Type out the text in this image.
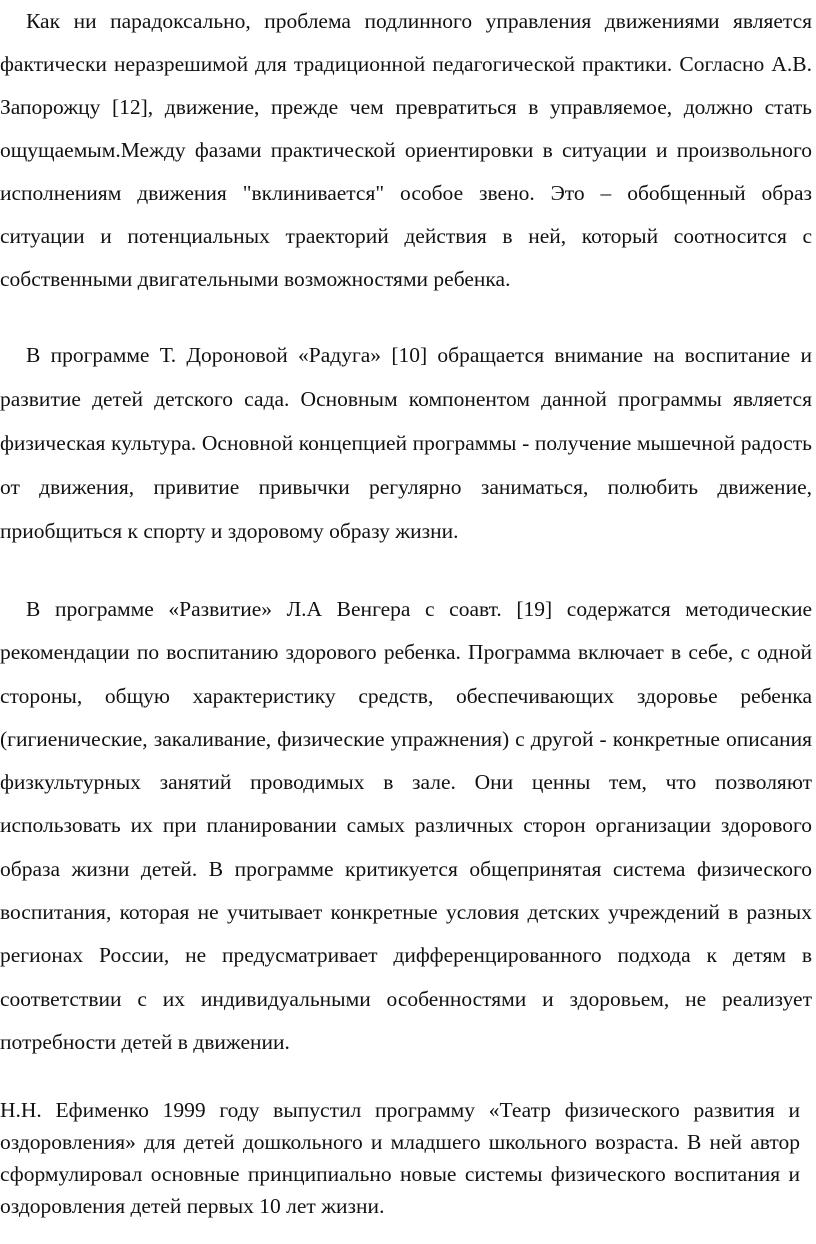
Как ни парадоксально, проблема подлинного управления движениями является фактически неразрешимой для традиционной педагогической практики. Согласно А.В. Запорожцу [12], движение, прежде чем превратиться в управляемое, должно стать ощущаемым.Между фазами практической ориентировки в ситуации и произвольного исполнениям движения "вклинивается" особое звено. Это – обобщенный образ ситуации и потенциальных траекторий действия в ней, который соотносится с собственными двигательными возможностями ребенка.

В программе Т. Дороновой «Радуга» [10] обращается внимание на воспитание и развитие детей детского сада. Основным компонентом данной программы является физическая культура. Основной концепцией программы - получение мышечной радость от движения, привитие привычки регулярно заниматься, полюбить движение, приобщиться к спорту и здоровому образу жизни.

В программе «Развитие» Л.А Венгера с соавт. [19] содержатся методические рекомендации по воспитанию здорового ребенка. Программа включает в себе, с одной стороны, общую характеристику средств, обеспечивающих здоровье ребенка (гигиенические, закаливание, физические упражнения) с другой - конкретные описания физкультурных занятий проводимых в зале. Они ценны тем, что позволяют использовать их при планировании самых различных сторон организации здорового образа жизни детей. В программе критикуется общепринятая система физического воспитания, которая не учитывает конкретные условия детских учреждений в разных регионах России, не предусматривает дифференцированного подхода к детям в соответствии с их индивидуальными особенностями и здоровьем, не реализует потребности детей в движении.

Н.Н. Ефименко 1999 году выпустил программу «Театр физического развития и оздоровления» для детей дошкольного и младшего школьного возраста. В ней автор сформулировал основные принципиально новые системы физического воспитания и оздоровления детей первых 10 лет жизни.
